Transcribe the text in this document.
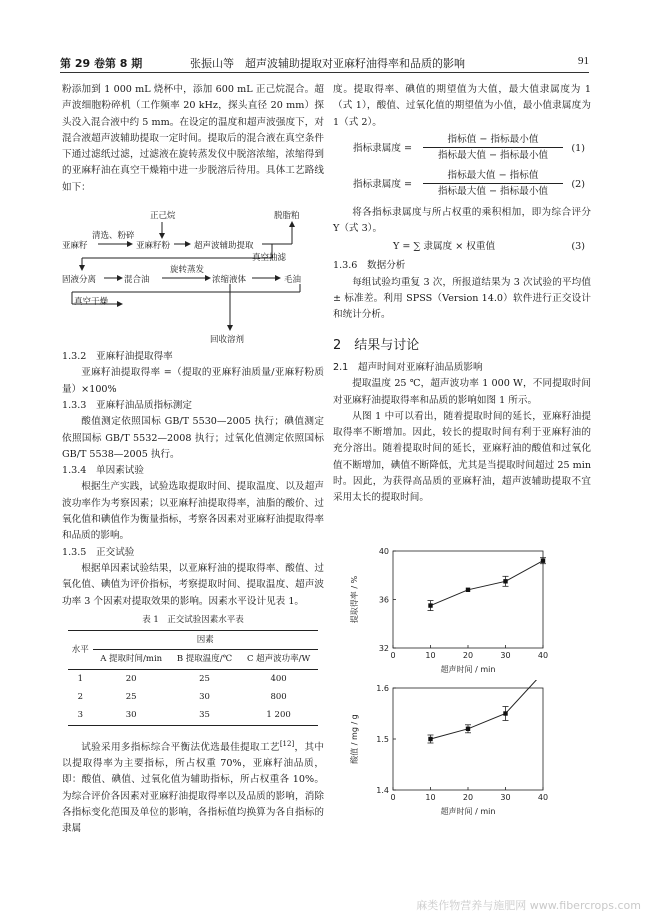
第 29 卷第 8 期	张振山等　超声波辅助提取对亚麻籽油得率和品质的影响	91

粉添加到 1 000 mL 烧杯中，添加 600 mL 正己烷混合。超声波细胞粉碎机（工作频率 20 kHz，探头直径 20 mm）探头没入混合液中约 5 mm。在设定的温度和超声波强度下，对混合液超声波辅助提取一定时间。提取后的混合液在真空条件下通过滤纸过滤，过滤液在旋转蒸发仪中脱溶浓缩，浓缩得到的亚麻籽油在真空干燥箱中进一步脱溶后待用。具体工艺路线如下：

正己烷	脱脂粕
亚麻籽
清选、粉碎
亚麻籽粉	超声波辅助提取
真空抽滤
固液分离	混合油
旋转蒸发
浓缩液体	毛油
真空干燥
回收溶剂

1.3.2　亚麻籽油提取得率

亚麻籽油提取得率 =（提取的亚麻籽油质量/亚麻籽粉质量）×100%

1.3.3　亚麻籽油品质指标测定

酸值测定依照国标 GB/T 5530—2005 执行；碘值测定依照国标 GB/T 5532—2008 执行；过氧化值测定依照国标 GB/T 5538—2005 执行。

1.3.4　单因素试验

根据生产实践，试验选取提取时间、提取温度、以及超声波功率作为考察因素；以亚麻籽油提取得率，油脂的酸价、过氧化值和碘值作为衡量指标，考察各因素对亚麻籽油提取得率和品质的影响。

1.3.5　正交试验

根据单因素试验结果，以亚麻籽油的提取得率、酸值、过氧化值、碘值为评价指标，考察提取时间、提取温度、超声波功率 3 个因素对提取效果的影响。因素水平设计见表 1。

表 1　正交试验因素水平表
水平	因素		
	A 提取时间/min	B 提取温度/℃	C 超声波功率/W
1	20	25	400
2	25	30	800
3	30	35	1 200

试验采用多指标综合平衡法优选最佳提取工艺[12]，其中以提取得率为主要指标，所占权重 70%，亚麻籽油品质，即：酸值、碘值、过氧化值为辅助指标，所占权重各 10%。为综合评价各因素对亚麻籽油提取得率以及品质的影响，消除各指标变化范围及单位的影响，各指标值均换算为各自指标的隶属

度。提取得率、碘值的期望值为大值，最大值隶属度为 1（式 1），酸值、过氧化值的期望值为小值，最小值隶属度为 1（式 2）。

指标隶属度 =
指标值 − 指标最小值
指标最大值 − 指标最小值
(1)
指标隶属度 =
指标最大值 − 指标值
指标最大值 − 指标最小值
(2)

将各指标隶属度与所占权重的乘积相加，即为综合评分 Y（式 3）。

Y = ∑ 隶属度 × 权重值	(3)

1.3.6　数据分析

每组试验均重复 3 次，所报道结果为 3 次试验的平均值 ± 标准差。利用 SPSS（Version 14.0）软件进行正交设计和统计分析。

2　结果与讨论

2.1　超声时间对亚麻籽油品质影响

提取温度 25 ℃，超声波功率 1 000 W，不同提取时间对亚麻籽油提取得率和品质的影响如图 1 所示。

从图 1 中可以看出，随着提取时间的延长，亚麻籽油提取得率不断增加。因此，较长的提取时间有利于亚麻籽油的充分溶出。随着提取时间的延长，亚麻籽油的酸值和过氧化值不断增加，碘值不断降低，尤其是当提取时间超过 25 min 时。因此，为获得高品质的亚麻籽油，超声波辅助提取不宜采用太长的提取时间。

0	10	20	30	40
32
36
40
超声时间 / min
提取得率 / %
0	10	20	30	40
1.4
1.5
1.6
超声时间 / min
酸值 / mg / g
麻类作物营养与施肥网 www.fibercrops.com
